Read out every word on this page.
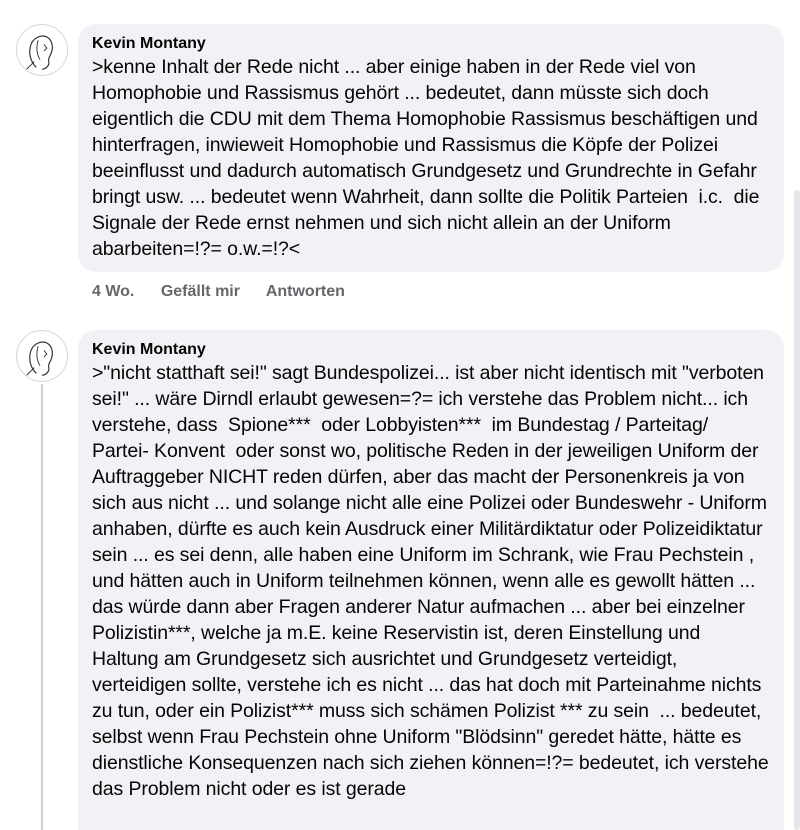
Kevin Montany
>kenne Inhalt der Rede nicht ... aber einige haben in der Rede viel von Homophobie und Rassismus gehört ... bedeutet, dann müsste sich doch eigentlich die CDU mit dem Thema Homophobie Rassismus beschäftigen und hinterfragen, inwieweit Homophobie und Rassismus die Köpfe der Polizei beeinflusst und dadurch automatisch Grundgesetz und Grundrechte in Gefahr bringt usw. ... bedeutet wenn Wahrheit, dann sollte die Politik Parteien  i.c.  die Signale der Rede ernst nehmen und sich nicht allein an der Uniform abarbeiten=!?= o.w.=!?<
4 Wo. Gefällt mir Antworten
Kevin Montany
>"nicht statthaft sei!" sagt Bundespolizei... ist aber nicht identisch mit "verboten sei!" ... wäre Dirndl erlaubt gewesen=?= ich verstehe das Problem nicht... ich verstehe, dass  Spione***  oder Lobbyisten***  im Bundestag / Parteitag/  Partei- Konvent  oder sonst wo, politische Reden in der jeweiligen Uniform der Auftraggeber NICHT reden dürfen, aber das macht der Personenkreis ja von sich aus nicht ... und solange nicht alle eine Polizei oder Bundeswehr - Uniform anhaben, dürfte es auch kein Ausdruck einer Militärdiktatur oder Polizeidiktatur sein ... es sei denn, alle haben eine Uniform im Schrank, wie Frau Pechstein , und hätten auch in Uniform teilnehmen können, wenn alle es gewollt hätten ... das würde dann aber Fragen anderer Natur aufmachen ... aber bei einzelner Polizistin***, welche ja m.E. keine Reservistin ist, deren Einstellung und Haltung am Grundgesetz sich ausrichtet und Grundgesetz verteidigt, verteidigen sollte, verstehe ich es nicht ... das hat doch mit Parteinahme nichts zu tun, oder ein Polizist*** muss sich schämen Polizist *** zu sein  ... bedeutet, selbst wenn Frau Pechstein ohne Uniform "Blödsinn" geredet hätte, hätte es dienstliche Konsequenzen nach sich ziehen können=!?= bedeutet, ich verstehe das Problem nicht oder es ist gerade
